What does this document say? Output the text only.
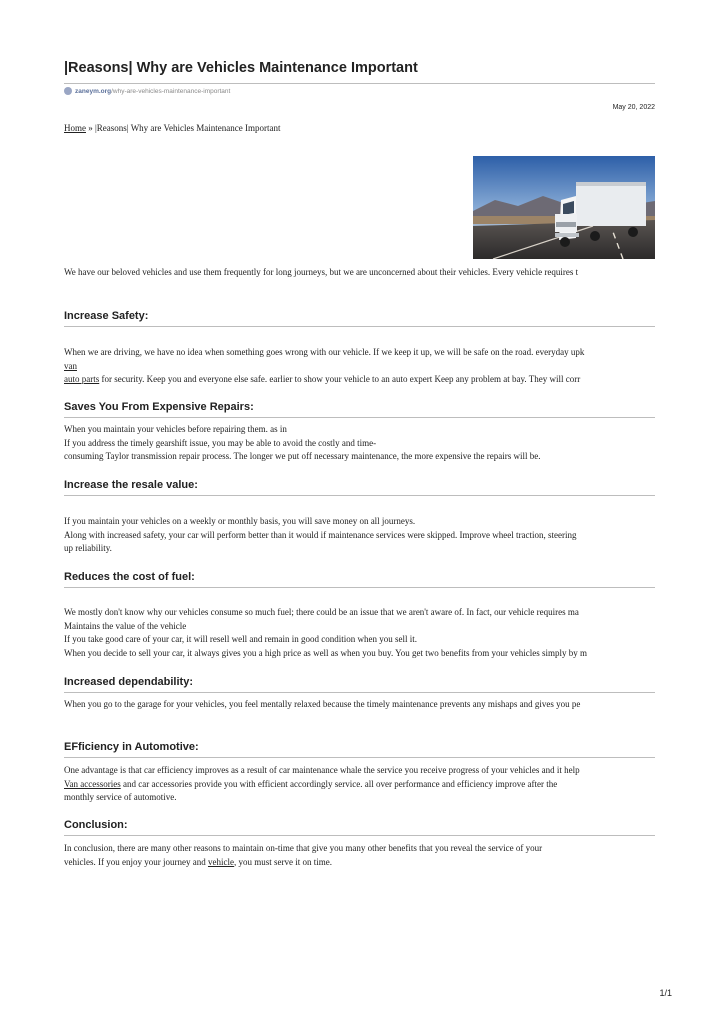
|Reasons| Why are Vehicles Maintenance Important
zaneym.org /why-are-vehicles-maintenance-important
May 20, 2022
Home » |Reasons| Why are Vehicles Maintenance Important
We have our beloved vehicles and use them frequently for long journeys, but we are unconcerned about their vehicles. Every vehicle requires t
Increase Safety:
When we are driving, we have no idea when something goes wrong with our vehicle. If we keep it up, we will be safe on the road. everyday upk
van
auto parts for security. Keep you and everyone else safe. earlier to show your vehicle to an auto expert Keep any problem at bay. They will corr
Saves You From Expensive Repairs:
When you maintain your vehicles before repairing them. as in
If you address the timely gearshift issue, you may be able to avoid the costly and time-
consuming Taylor transmission repair process. The longer we put off necessary maintenance, the more expensive the repairs will be.
Increase the resale value:
If you maintain your vehicles on a weekly or monthly basis, you will save money on all journeys.
Along with increased safety, your car will perform better than it would if maintenance services were skipped. Improve wheel traction, steering
up reliability.
Reduces the cost of fuel:
We mostly don't know why our vehicles consume so much fuel; there could be an issue that we aren't aware of. In fact, our vehicle requires ma
Maintains the value of the vehicle
If you take good care of your car, it will resell well and remain in good condition when you sell it.
When you decide to sell your car, it always gives you a high price as well as when you buy. You get two benefits from your vehicles simply by m
Increased dependability:
When you go to the garage for your vehicles, you feel mentally relaxed because the timely maintenance prevents any mishaps and gives you pe
EFficiency in Automotive:
One advantage is that car efficiency improves as a result of car maintenance whale the service you receive progress of your vehicles and it help
Van accessories and car accessories provide you with efficient accordingly service. all over performance and efficiency improve after the
monthly service of automotive.
Conclusion:
In conclusion, there are many other reasons to maintain on-time that give you many other benefits that you reveal the service of your
vehicles. If you enjoy your journey and vehicle, you must serve it on time.
1/1
